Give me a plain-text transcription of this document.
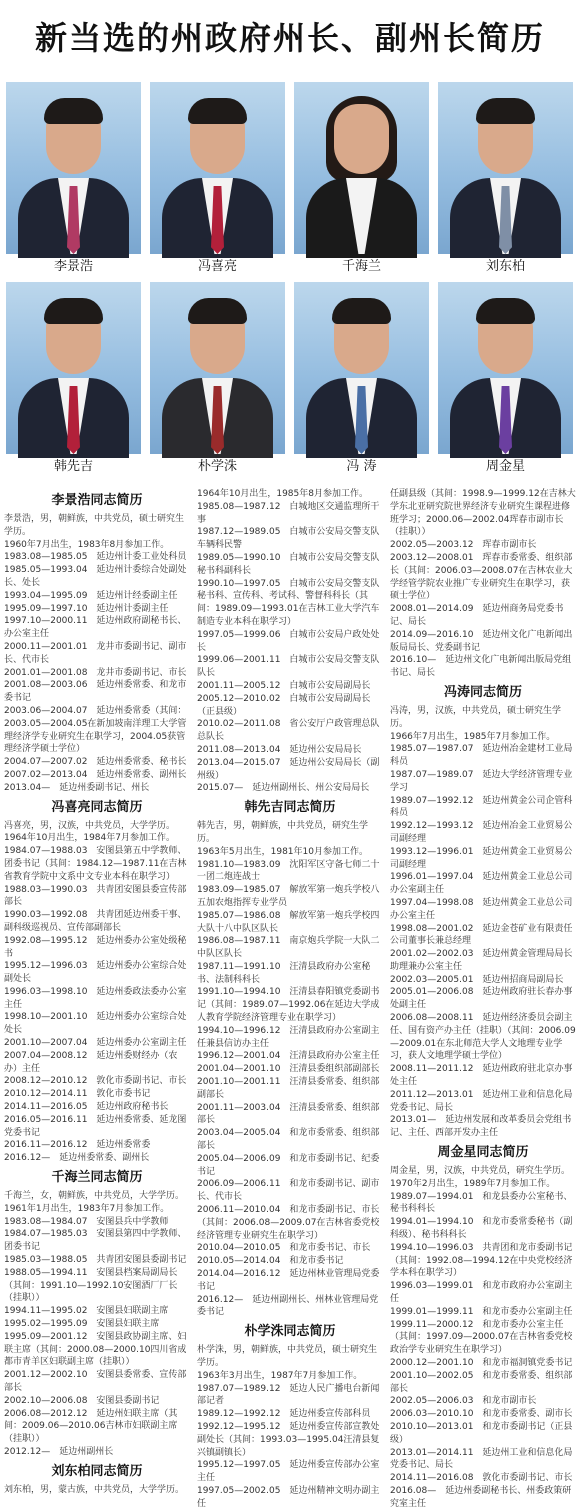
新当选的州政府州长、副州长简历
李景浩	冯喜亮	千海兰	刘东柏
韩先吉	朴学洙	冯 涛	周金星
李景浩同志简历
李景浩，男，朝鲜族，中共党员，硕士研究生学历。
1960年7月出生，1983年8月参加工作。
1983.08—1985.05　延边州计委工业处科员
1985.05—1993.04　延边州计委综合处副处长、处长
1993.04—1995.09　延边州计经委副主任
1995.09—1997.10　延边州计委副主任
1997.10—2000.11　延边州政府副秘书长、办公室主任
2000.11—2001.01　龙井市委副书记、副市长、代市长
2001.01—2001.08　龙井市委副书记、市长
2001.08—2003.06　延边州委常委、和龙市委书记
2003.06—2004.07　延边州委常委（其间：2003.05—2004.05在新加坡南洋理工大学管理经济学专业研究生在职学习，2004.05获管理经济学硕士学位）
2004.07—2007.02　延边州委常委、秘书长
2007.02—2013.04　延边州委常委、副州长
2013.04—　延边州委副书记、州长
冯喜亮同志简历
冯喜亮，男，汉族，中共党员，大学学历。
1964年10月出生，1984年7月参加工作。
1984.07—1988.03　安图县第五中学教师、团委书记（其间：1984.12—1987.11在吉林省教育学院中文系中文专业本科在职学习）
1988.03—1990.03　共青团安图县委宣传部部长
1990.03—1992.08　共青团延边州委干事、副科级巡视员、宣传部副部长
1992.08—1995.12　延边州委办公室处级秘书
1995.12—1996.03　延边州委办公室综合处副处长
1996.03—1998.10　延边州委政法委办公室主任
1998.10—2001.10　延边州委办公室综合处处长
2001.10—2007.04　延边州委办公室副主任
2007.04—2008.12　延边州委财经办（农办）主任
2008.12—2010.12　敦化市委副书记、市长
2010.12—2014.11　敦化市委书记
2014.11—2016.05　延边州政府秘书长
2016.05—2016.11　延边州委常委、延龙图党委书记
2016.11—2016.12　延边州委常委
2016.12—　延边州委常委、副州长
千海兰同志简历
千海兰，女，朝鲜族，中共党员，大学学历。
1961年1月出生，1983年7月参加工作。
1983.08—1984.07　安图县兵中学教师
1984.07—1985.03　安图县第四中学教师、团委书记
1985.03—1988.05　共青团安图县委副书记
1988.05—1994.11　安图县档案局副局长（其间：1991.10—1992.10安图酒厂厂长（挂职））
1994.11—1995.02　安图县妇联副主席
1995.02—1995.09　安图县妇联主席
1995.09—2001.12　安图县政协副主席、妇联主席（其间：2000.08—2000.10四川省成都市青羊区妇联副主席（挂职））
2001.12—2002.10　安图县委常委、宣传部部长
2002.10—2006.08　安图县委副书记
2006.08—2012.12　延边州妇联主席（其间：2009.06—2010.06吉林市妇联副主席（挂职））
2012.12—　延边州副州长
刘东柏同志简历
刘东柏，男，蒙古族，中共党员，大学学历。
1964年10月出生，1985年8月参加工作。
1985.08—1987.12　白城地区交通监理所干事
1987.12—1989.05　白城市公安局交警支队车辆科民警
1989.05—1990.10　白城市公安局交警支队秘书科副科长
1990.10—1997.05　白城市公安局交警支队秘书科、宣传科、考试科、警督科科长（其间：1989.09—1993.01在吉林工业大学汽车制造专业本科在职学习）
1997.05—1999.06　白城市公安局户政处处长
1999.06—2001.11　白城市公安局交警支队队长
2001.11—2005.12　白城市公安局副局长
2005.12—2010.02　白城市公安局副局长（正县级）
2010.02—2011.08　省公安厅户政管理总队总队长
2011.08—2013.04　延边州公安局局长
2013.04—2015.07　延边州公安局局长（副州级）
2015.07—　延边州副州长、州公安局局长
韩先吉同志简历
韩先吉，男，朝鲜族，中共党员，研究生学历。
1963年5月出生，1981年10月参加工作。
1981.10—1983.09　沈阳军区守备七师二十一团二炮连战士
1983.09—1985.07　解放军第一炮兵学校八五加农炮指挥专业学员
1985.07—1986.08　解放军第一炮兵学校四大队十八中队区队长
1986.08—1987.11　南京炮兵学院一大队二中队区队长
1987.11—1991.10　汪清县政府办公室秘书、法制科科长
1991.10—1994.10　汪清县春阳镇党委副书记（其间：1989.07—1992.06在延边大学成人教育学院经济管理专业在职学习）
1994.10—1996.12　汪清县政府办公室副主任兼县信访办主任
1996.12—2001.04　汪清县政府办公室主任
2001.04—2001.10　汪清县委组织部副部长
2001.10—2001.11　汪清县委常委、组织部副部长
2001.11—2003.04　汪清县委常委、组织部部长
2003.04—2005.04　和龙市委常委、组织部部长
2005.04—2006.09　和龙市委副书记、纪委书记
2006.09—2006.11　和龙市委副书记、副市长、代市长
2006.11—2010.04　和龙市委副书记、市长（其间：2006.08—2009.07在吉林省委党校经济管理专业研究生在职学习）
2010.04—2010.05　和龙市委书记、市长
2010.05—2014.04　和龙市委书记
2014.04—2016.12　延边州林业管理局党委书记
2016.12—　延边州副州长、州林业管理局党委书记
朴学洙同志简历
朴学洙，男，朝鲜族，中共党员，硕士研究生学历。
1963年3月出生，1987年7月参加工作。
1987.07—1989.12　延边人民广播电台新闻部记者
1989.12—1992.12　延边州委宣传部科员
1992.12—1995.12　延边州委宣传部宣教处副处长（其间：1993.03—1995.04汪清县复兴镇副镇长）
1995.12—1997.05　延边州委宣传部办公室主任
1997.05—2002.05　延边州精神文明办副主任
任副县级（其间：1998.9—1999.12在吉林大学东北亚研究院世界经济专业研究生课程进修班学习；2000.06—2002.04珲春市副市长（挂职））
2002.05—2003.12　珲春市副市长
2003.12—2008.01　珲春市委常委、组织部长（其间：2006.03—2008.07在吉林农业大学经管学院农业推广专业研究生在职学习，获硕士学位）
2008.01—2014.09　延边州商务局党委书记、局长
2014.09—2016.10　延边州文化广电新闻出版局局长、党委副书记
2016.10—　延边州文化广电新闻出版局党组书记、局长
冯涛同志简历
冯涛，男，汉族，中共党员，硕士研究生学历。
1966年7月出生，1985年7月参加工作。
1985.07—1987.07　延边州冶金建材工业局科员
1987.07—1989.07　延边大学经济管理专业学习
1989.07—1992.12　延边州黄金公司企管科科员
1992.12—1993.12　延边州冶金工业贸易公司副经理
1993.12—1996.01　延边州黄金工业贸易公司副经理
1996.01—1997.04　延边州黄金工业总公司办公室副主任
1997.04—1998.08　延边州黄金工业总公司办公室主任
1998.08—2001.02　延边金苍矿业有限责任公司董事长兼总经理
2001.02—2002.03　延边州黄金管理局局长助理兼办公室主任
2002.03—2005.01　延边州招商局副局长
2005.01—2006.08　延边州政府驻长春办事处副主任
2006.08—2008.11　延边州经济委员会副主任、国有资产办主任（挂职）（其间：2006.09—2009.01在东北师范大学人文地理专业学习，获人文地理学硕士学位）
2008.11—2011.12　延边州政府驻北京办事处主任
2011.12—2013.01　延边州工业和信息化局党委书记、局长
2013.01—　延边州发展和改革委员会党组书记、主任、西部开发办主任
周金星同志简历
周金星，男，汉族，中共党员，研究生学历。
1970年2月出生，1989年7月参加工作。
1989.07—1994.01　和龙县委办公室秘书、秘书科科长
1994.01—1994.10　和龙市委常委秘书（副科级）、秘书科科长
1994.10—1996.03　共青团和龙市委副书记（其间：1992.08—1994.12在中央党校经济学本科在职学习）
1996.03—1999.01　和龙市政府办公室副主任
1999.01—1999.11　和龙市委办公室副主任
1999.11—2000.12　和龙市委办公室主任（其间：1997.09—2000.07在吉林省委党校政治学专业研究生在职学习）
2000.12—2001.10　和龙市福洞镇党委书记
2001.10—2002.05　和龙市委常委、组织部部长
2002.05—2006.03　和龙市副市长
2006.03—2010.10　和龙市委常委、副市长
2010.10—2013.01　和龙市委副书记（正县级）
2013.01—2014.11　延边州工业和信息化局党委书记、局长
2014.11—2016.08　敦化市委副书记、市长
2016.08—　延边州委副秘书长、州委政策研究室主任
